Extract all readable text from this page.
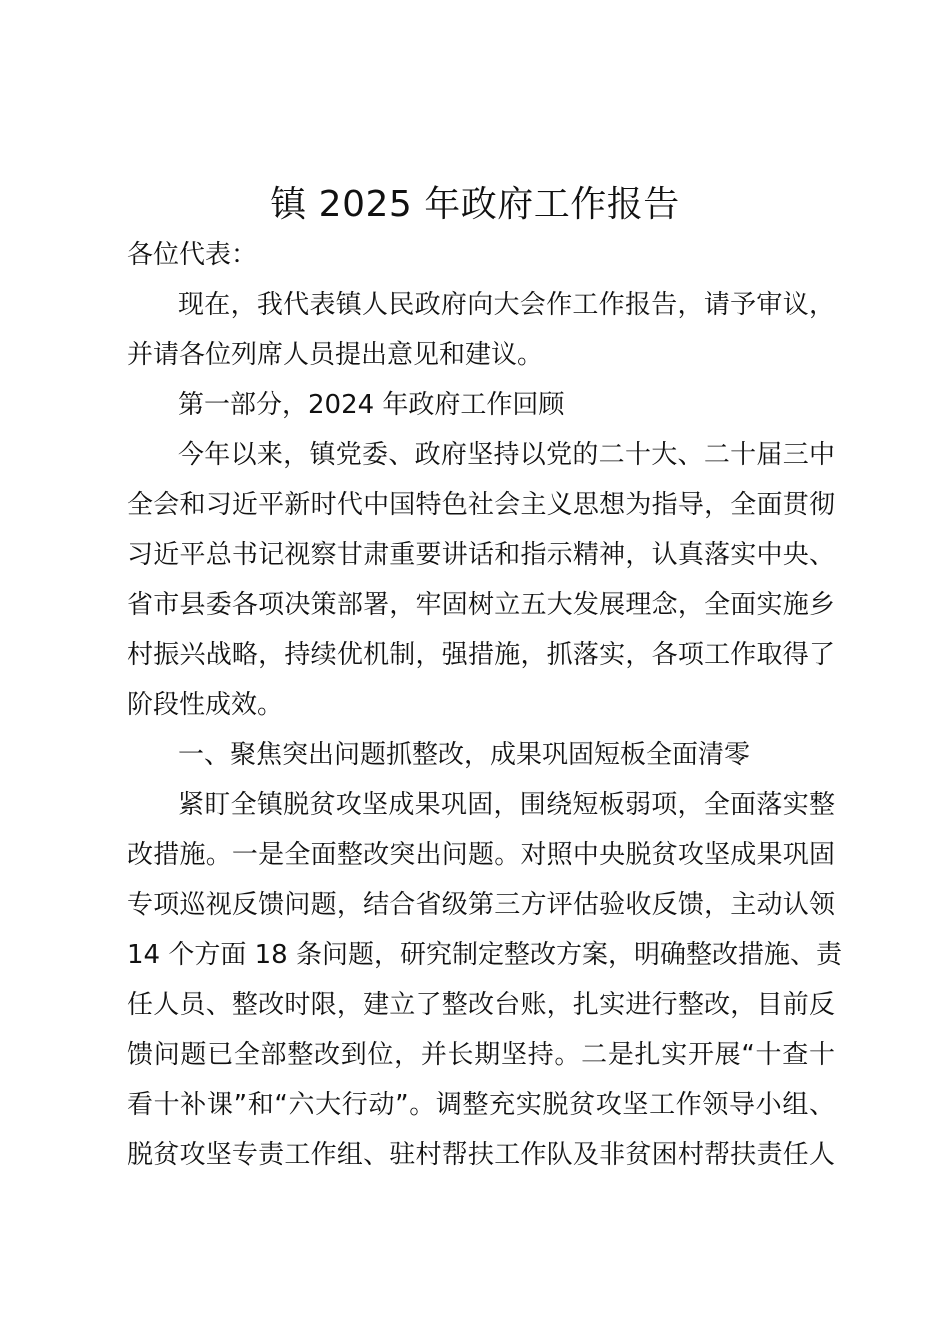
镇 2025 年政府工作报告
各位代表：
现在，我代表镇人民政府向大会作工作报告，请予审议，
并请各位列席人员提出意见和建议。
第一部分，2024 年政府工作回顾
今年以来，镇党委、政府坚持以党的二十大、二十届三中
全会和习近平新时代中国特色社会主义思想为指导，全面贯彻
习近平总书记视察甘肃重要讲话和指示精神，认真落实中央、
省市县委各项决策部署，牢固树立五大发展理念，全面实施乡
村振兴战略，持续优机制，强措施，抓落实，各项工作取得了
阶段性成效。
一、聚焦突出问题抓整改，成果巩固短板全面清零
紧盯全镇脱贫攻坚成果巩固，围绕短板弱项，全面落实整
改措施。一是全面整改突出问题。对照中央脱贫攻坚成果巩固
专项巡视反馈问题，结合省级第三方评估验收反馈，主动认领
14 个方面 18 条问题，研究制定整改方案，明确整改措施、责
任人员、整改时限，建立了整改台账，扎实进行整改，目前反
馈问题已全部整改到位，并长期坚持。二是扎实开展“十查十
看十补课”和“六大行动”。调整充实脱贫攻坚工作领导小组、
脱贫攻坚专责工作组、驻村帮扶工作队及非贫困村帮扶责任人
